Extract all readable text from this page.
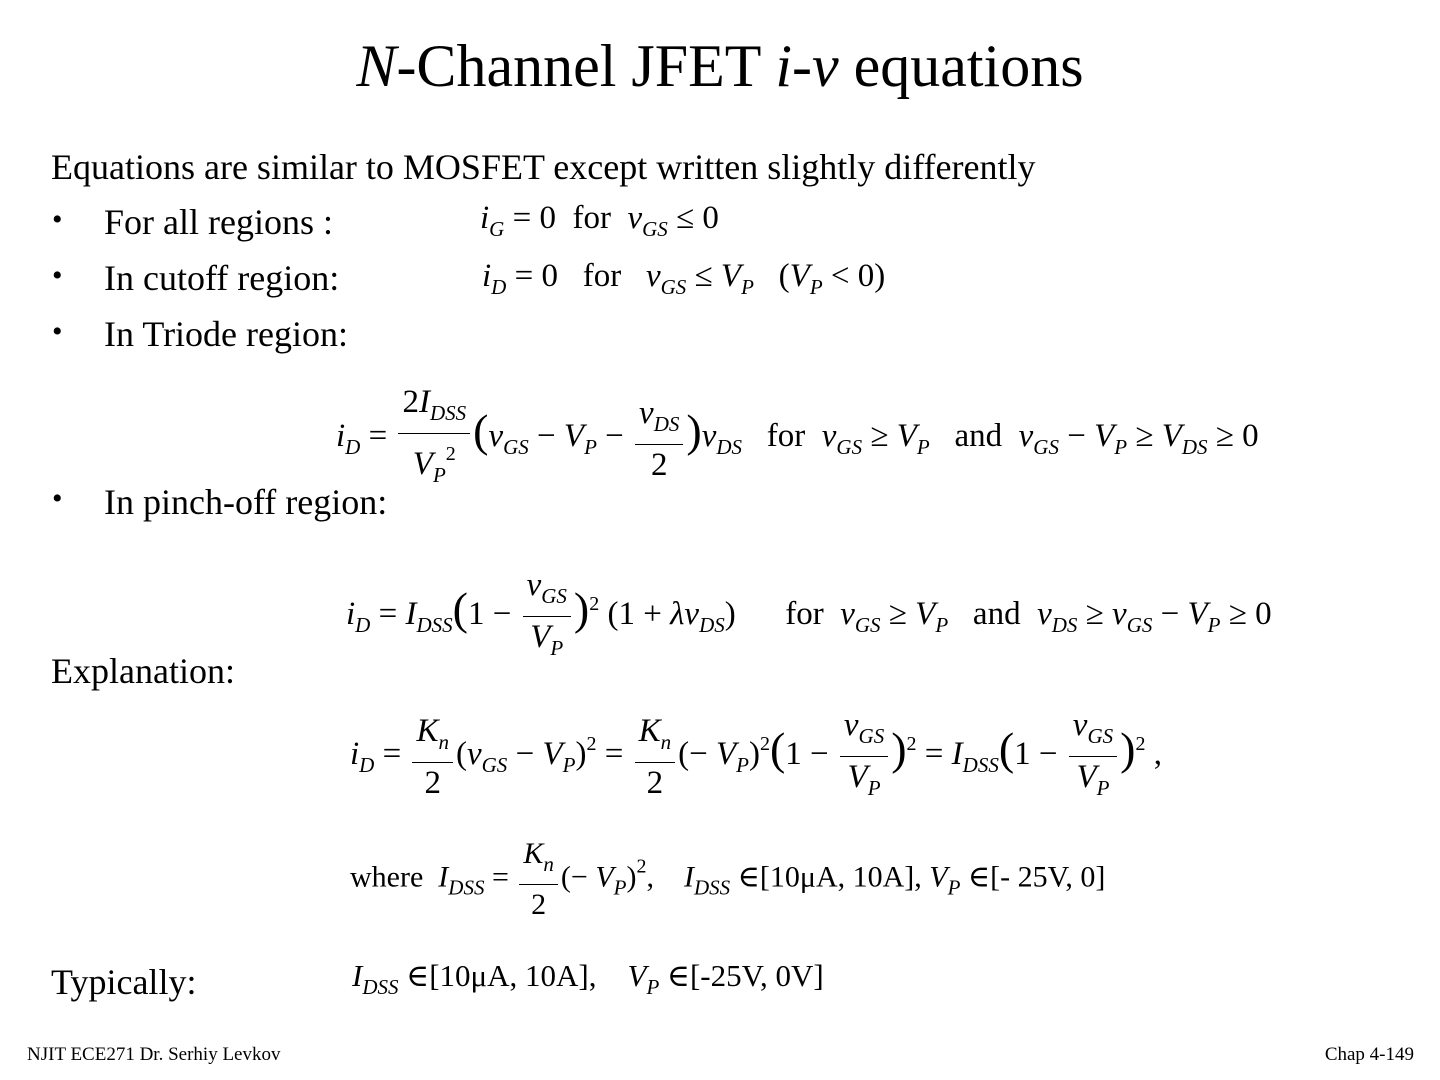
N-Channel JFET i-v equations
Equations are similar to MOSFET except written slightly differently
• For all regions :	$i_G = 0$  for $v_{GS} \le 0$
• In cutoff region:	$i_D = 0$   for $v_{GS} \le V_P$   $(V_P < 0)$
• In Triode region:
$i_D = \frac{2I_{DSS}}{V_P^2} (v_{GS} - V_P - \frac{v_{DS}}{2} )v_{DS}$ for $v_{GS} \ge V_P$ and $v_{GS} - V_P \ge V_{DS} \ge 0$
• In pinch-off region:
$i_D = I_{DSS}(1 - \frac{v_{GS}}{V_P} )^2$ $(1 + \lambda v_{DS})$      for $v_{GS} \ge V_P$ and $v_{DS} \ge v_{GS} - V_P \ge 0$
Explanation:
$i_D = \frac{K_n}{2} (v_{GS} - V_P)^2 = \frac{K_n}{2}$ (− $V_P)^2(1 - \frac{v_{GS}}{V_P} )^2 = I_{DSS}(1 - \frac{v_{GS}}{V_P} )^2$ ,
where $I_{DSS} = \frac{K_n}{2}$ (− $V_P)^2$,    $I_{DSS}$ ∈[10μA, 10A], $V_P$ ∈[- 25V, 0]
Typically:	$I_{DSS}$ ∈[10μA, 10A], $V_P$ ∈[-25V, 0V]
NJIT ECE271 Dr. Serhiy Levkov	Chap 4-149
